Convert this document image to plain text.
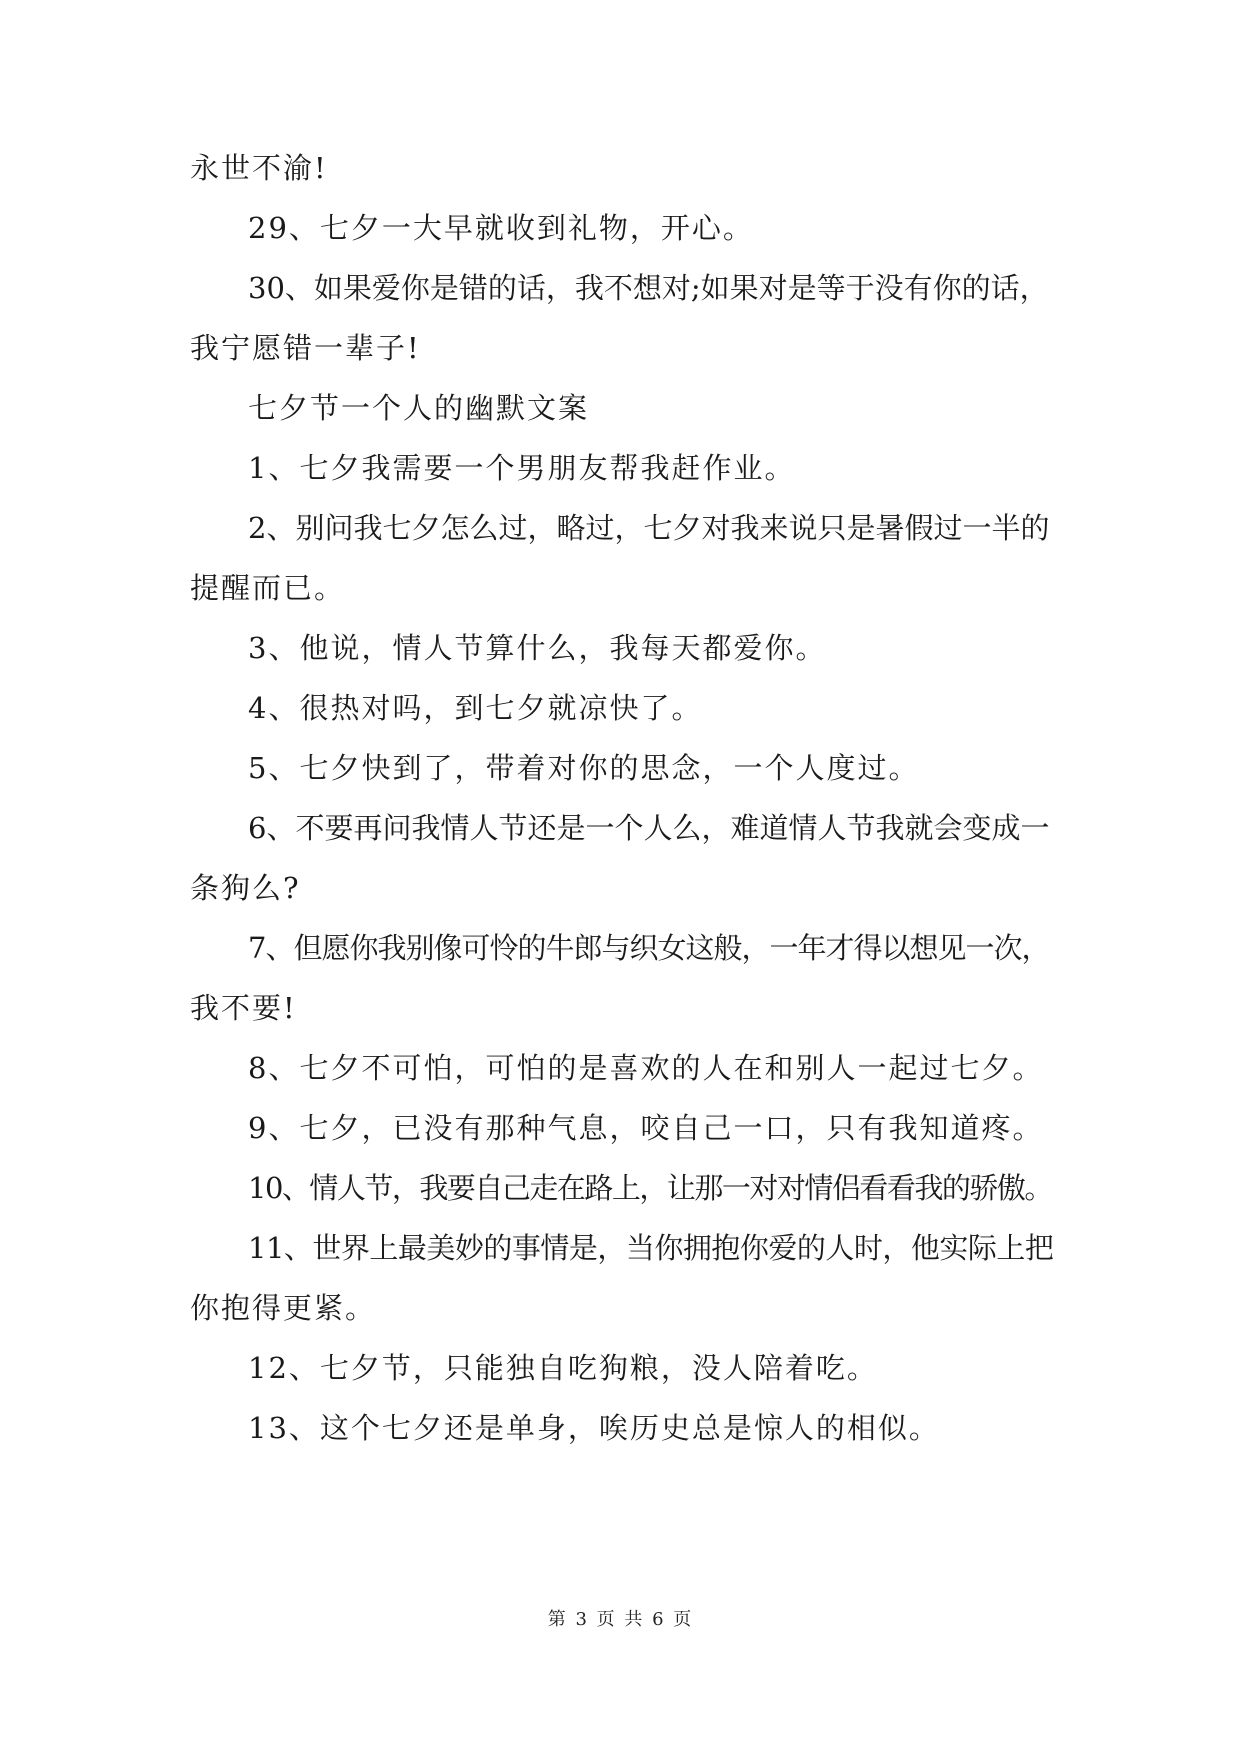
永世不渝!
29、七夕一大早就收到礼物，开心。
30、如果爱你是错的话，我不想对;如果对是等于没有你的话，
我宁愿错一辈子!
七夕节一个人的幽默文案
1、七夕我需要一个男朋友帮我赶作业。
2、别问我七夕怎么过，略过，七夕对我来说只是暑假过一半的
提醒而已。
3、他说，情人节算什么，我每天都爱你。
4、很热对吗，到七夕就凉快了。
5、七夕快到了，带着对你的思念，一个人度过。
6、不要再问我情人节还是一个人么，难道情人节我就会变成一
条狗么?
7、但愿你我别像可怜的牛郎与织女这般，一年才得以想见一次，
我不要!
8、七夕不可怕，可怕的是喜欢的人在和别人一起过七夕。
9、七夕，已没有那种气息，咬自己一口，只有我知道疼。
10、情人节，我要自己走在路上，让那一对对情侣看看我的骄傲。
11、世界上最美妙的事情是，当你拥抱你爱的人时，他实际上把
你抱得更紧。
12、七夕节，只能独自吃狗粮，没人陪着吃。
13、这个七夕还是单身，唉历史总是惊人的相似。
第 3 页 共 6 页
